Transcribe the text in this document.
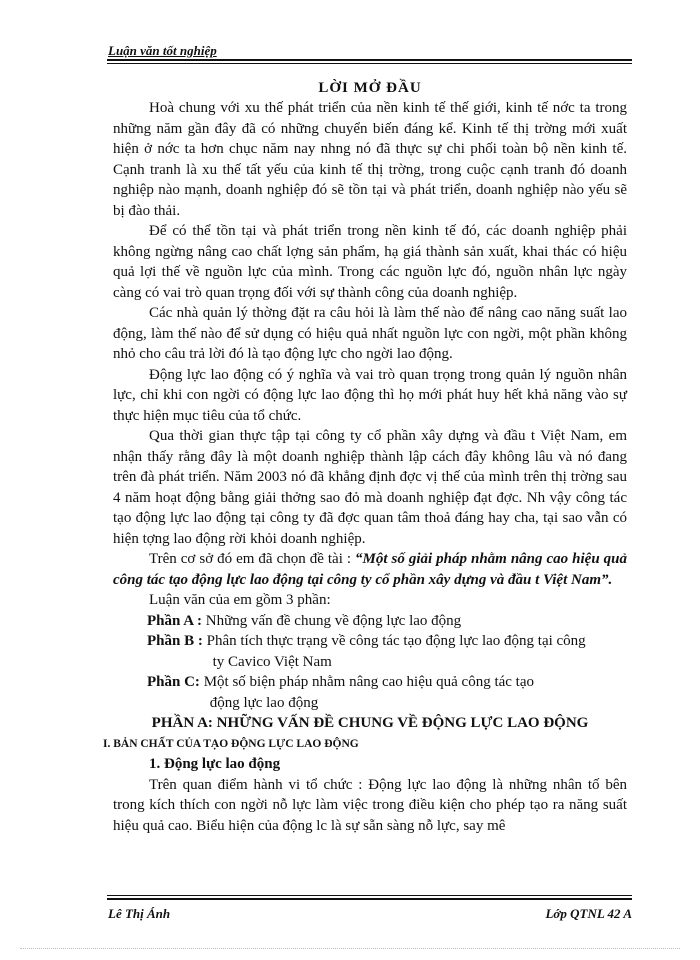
Luận văn tốt nghiệp
LỜI MỞ ĐẦU

Hoà chung với xu thế phát triển của nền kinh tế thế giới, kinh tế nớc ta trong những năm gần đây đã có những chuyển biến đáng kể. Kinh tế thị trờng mới xuất hiện ở nớc ta hơn chục năm nay nhng nó đã thực sự chi phối toàn bộ nền kinh tế. Cạnh tranh là xu thế tất yếu của kinh tế thị trờng, trong cuộc cạnh tranh đó doanh nghiệp nào mạnh, doanh nghiệp đó sẽ tồn tại và phát triển, doanh nghiệp nào yếu sẽ bị đào thải.

Để có thể tồn tại và phát triển trong nền kinh tế đó, các doanh nghiệp phải không ngừng nâng cao chất lợng sản phẩm, hạ giá thành sản xuất, khai thác có hiệu quả lợi thế về nguồn lực của mình. Trong các nguồn lực đó, nguồn nhân lực ngày càng có vai trò quan trọng đối với sự thành công của doanh nghiệp.

Các nhà quản lý thờng đặt ra câu hỏi là làm thế nào để nâng cao năng suất lao động, làm thế nào để sử dụng có hiệu quả nhất nguồn lực con ngời, một phần không nhỏ cho câu trả lời đó là tạo động lực cho ngời lao động.

Động lực lao động có ý nghĩa và vai trò quan trọng trong quản lý nguồn nhân lực, chỉ khi con ngời có động lực lao động thì họ mới phát huy hết khả năng vào sự thực hiện mục tiêu của tổ chức.

Qua thời gian thực tập tại công ty cổ phần xây dựng và đầu t Việt Nam, em nhận thấy rằng đây là một doanh nghiệp thành lập cách đây không lâu và nó đang trên đà phát triển. Năm 2003 nó đã khẳng định đợc vị thế của mình trên thị trờng sau 4 năm hoạt động bằng giải thởng sao đỏ mà doanh nghiệp đạt đợc. Nh vậy công tác tạo động lực lao động tại công ty đã đợc quan tâm thoả đáng hay cha, tại sao vẫn có hiện tợng lao động rời khỏi doanh nghiệp.

Trên cơ sở đó em đã chọn đề tài : “Một số giải pháp nhằm nâng cao hiệu quả công tác tạo động lực lao động tại công ty cổ phần xây dựng và đầu t Việt Nam”.

Luận văn của em gồm 3 phần:

Phần A : Những vấn đề chung về động lực lao động
Phần B : Phân tích thực trạng về công tác tạo động lực lao động tại công
ty Cavico Việt Nam
Phần C: Một số biện pháp nhằm nâng cao hiệu quả công tác tạo
động lực lao động
PHẦN A: NHỮNG VẤN ĐỀ CHUNG VỀ ĐỘNG LỰC LAO ĐỘNG
I. BẢN CHẤT CỦA TẠO ĐỘNG LỰC LAO ĐỘNG
1. Động lực lao động

Trên quan điểm hành vi tổ chức : Động lực lao động là những nhân tố bên trong kích thích con ngời nỗ lực làm việc trong điều kiện cho phép tạo ra năng suất hiệu quả cao. Biểu hiện của động lc là sự sẵn sàng nỗ lực, say mê

Lê Thị Ánh	Lớp QTNL 42 A
